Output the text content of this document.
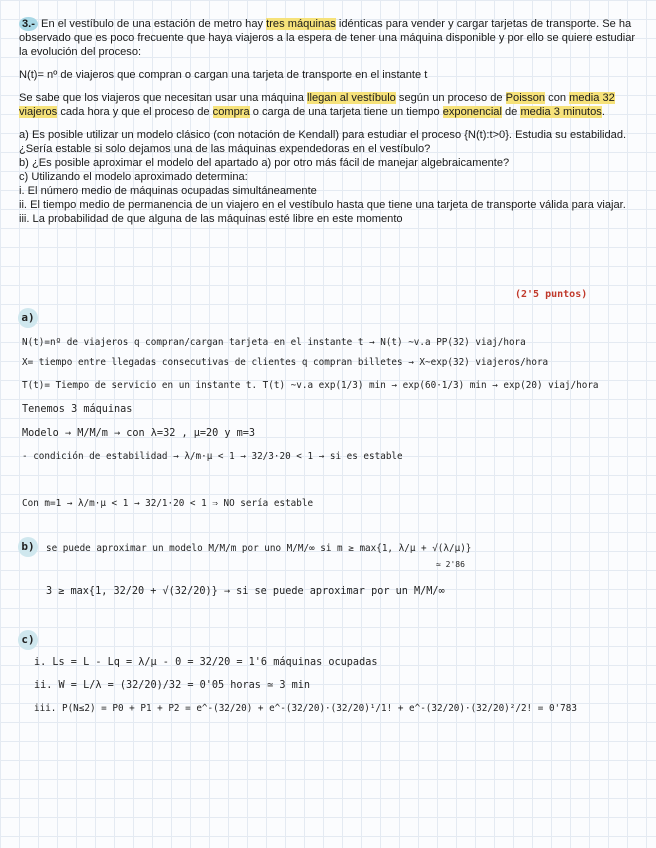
3.- En el vestíbulo de una estación de metro hay tres máquinas idénticas para vender y cargar tarjetas de transporte. Se ha observado que es poco frecuente que haya viajeros a la espera de tener una máquina disponible y por ello se quiere estudiar la evolución del proceso:

N(t)= nº de viajeros que compran o cargan una tarjeta de transporte en el instante t

Se sabe que los viajeros que necesitan usar una máquina llegan al vestíbulo según un proceso de Poisson con media 32 viajeros cada hora y que el proceso de compra o carga de una tarjeta tiene un tiempo exponencial de media 3 minutos.

a) Es posible utilizar un modelo clásico (con notación de Kendall) para estudiar el proceso {N(t):t>0}. Estudia su estabilidad. ¿Sería estable si solo dejamos una de las máquinas expendedoras en el vestíbulo?
b) ¿Es posible aproximar el modelo del apartado a) por otro más fácil de manejar algebraicamente?
c) Utilizando el modelo aproximado determina:
i. El número medio de máquinas ocupadas simultáneamente
ii. El tiempo medio de permanencia de un viajero en el vestíbulo hasta que tiene una tarjeta de transporte válida para viajar.
iii. La probabilidad de que alguna de las máquinas esté libre en este momento
(2'5 puntos)
a)
N(t)=nº de viajeros q compran/cargan tarjeta en el instante t → N(t) ~v.a PP(32) viaj/hora
X= tiempo entre llegadas consecutivas de clientes q compran billetes → X~exp(32) viajeros/hora
T(t)= Tiempo de servicio en un instante t. T(t) ~v.a exp(1/3) min → exp(60·1/3) min → exp(20) viaj/hora
Tenemos 3 máquinas
Modelo → M/M/m → con λ=32 , μ=20 y m=3
- condición de estabilidad → λ/m·μ < 1 → 32/3·20 < 1 → si es estable
Con m=1 → λ/m·μ < 1 → 32/1·20 < 1 ⇒ NO sería estable
b)	se puede aproximar un modelo M/M/m por uno M/M/∞ si m ≥ max{1, λ/μ + √(λ/μ)}
≃ 2'86
3 ≥ max{1, 32/20 + √(32/20)} → si se puede aproximar por un M/M/∞
c)
i. Ls = L - Lq = λ/μ - 0 = 32/20 = 1'6 máquinas ocupadas
ii. W = L/λ = (32/20)/32 = 0'05 horas ≃ 3 min
iii. P(N≤2) = P0 + P1 + P2 = e^-(32/20) + e^-(32/20)·(32/20)¹/1! + e^-(32/20)·(32/20)²/2! = 0'783
